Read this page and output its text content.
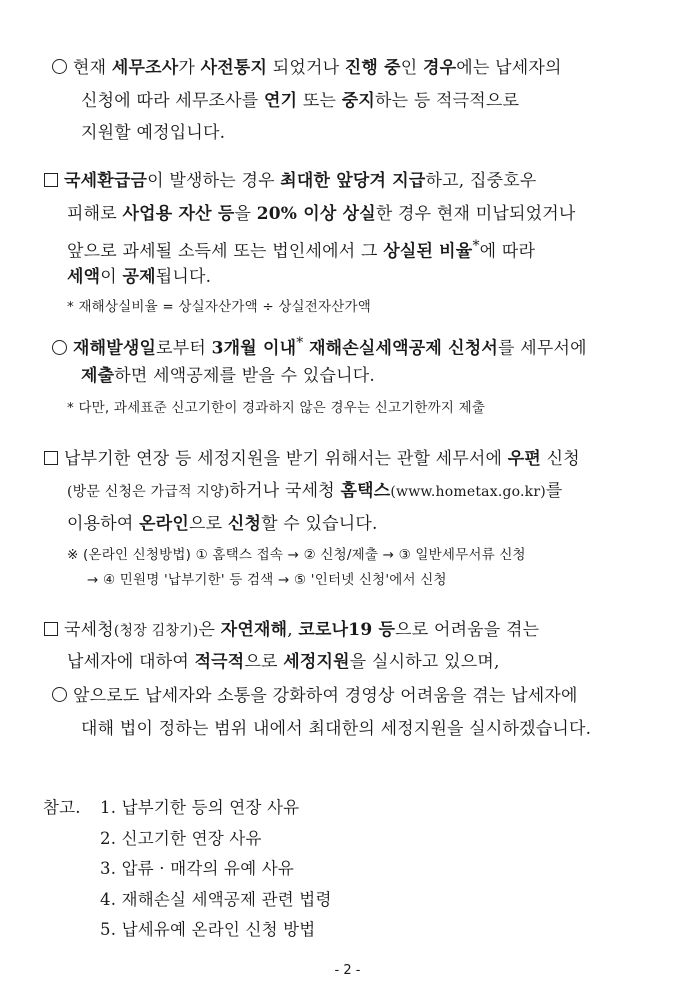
현재 세무조사가 사전통지 되었거나 진행 중인 경우에는 납세자의
신청에 따라 세무조사를 연기 또는 중지하는 등 적극적으로
지원할 예정입니다.
국세환급금이 발생하는 경우 최대한 앞당겨 지급하고, 집중호우
피해로 사업용 자산 등을 20% 이상 상실한 경우 현재 미납되었거나
앞으로 과세될 소득세 또는 법인세에서 그 상실된 비율*에 따라
세액이 공제됩니다.
* 재해상실비율 = 상실자산가액 ÷ 상실전자산가액
재해발생일로부터 3개월 이내* 재해손실세액공제 신청서를 세무서에
제출하면 세액공제를 받을 수 있습니다.
* 다만, 과세표준 신고기한이 경과하지 않은 경우는 신고기한까지 제출
납부기한 연장 등 세정지원을 받기 위해서는 관할 세무서에 우편 신청
(방문 신청은 가급적 지양)하거나 국세청 홈택스(www.hometax.go.kr)를
이용하여 온라인으로 신청할 수 있습니다.
※ (온라인 신청방법) ① 홈택스 접속 → ② 신청/제출 → ③ 일반세무서류 신청
→ ④ 민원명 '납부기한' 등 검색 → ⑤ '인터넷 신청'에서 신청
국세청(청장 김창기)은 자연재해, 코로나19 등으로 어려움을 겪는
납세자에 대하여 적극적으로 세정지원을 실시하고 있으며,
앞으로도 납세자와 소통을 강화하여 경영상 어려움을 겪는 납세자에
대해 법이 정하는 범위 내에서 최대한의 세정지원을 실시하겠습니다.
참고. 1. 납부기한 등의 연장 사유
2. 신고기한 연장 사유
3. 압류 · 매각의 유예 사유
4. 재해손실 세액공제 관련 법령
5. 납세유예 온라인 신청 방법
- 2 -
